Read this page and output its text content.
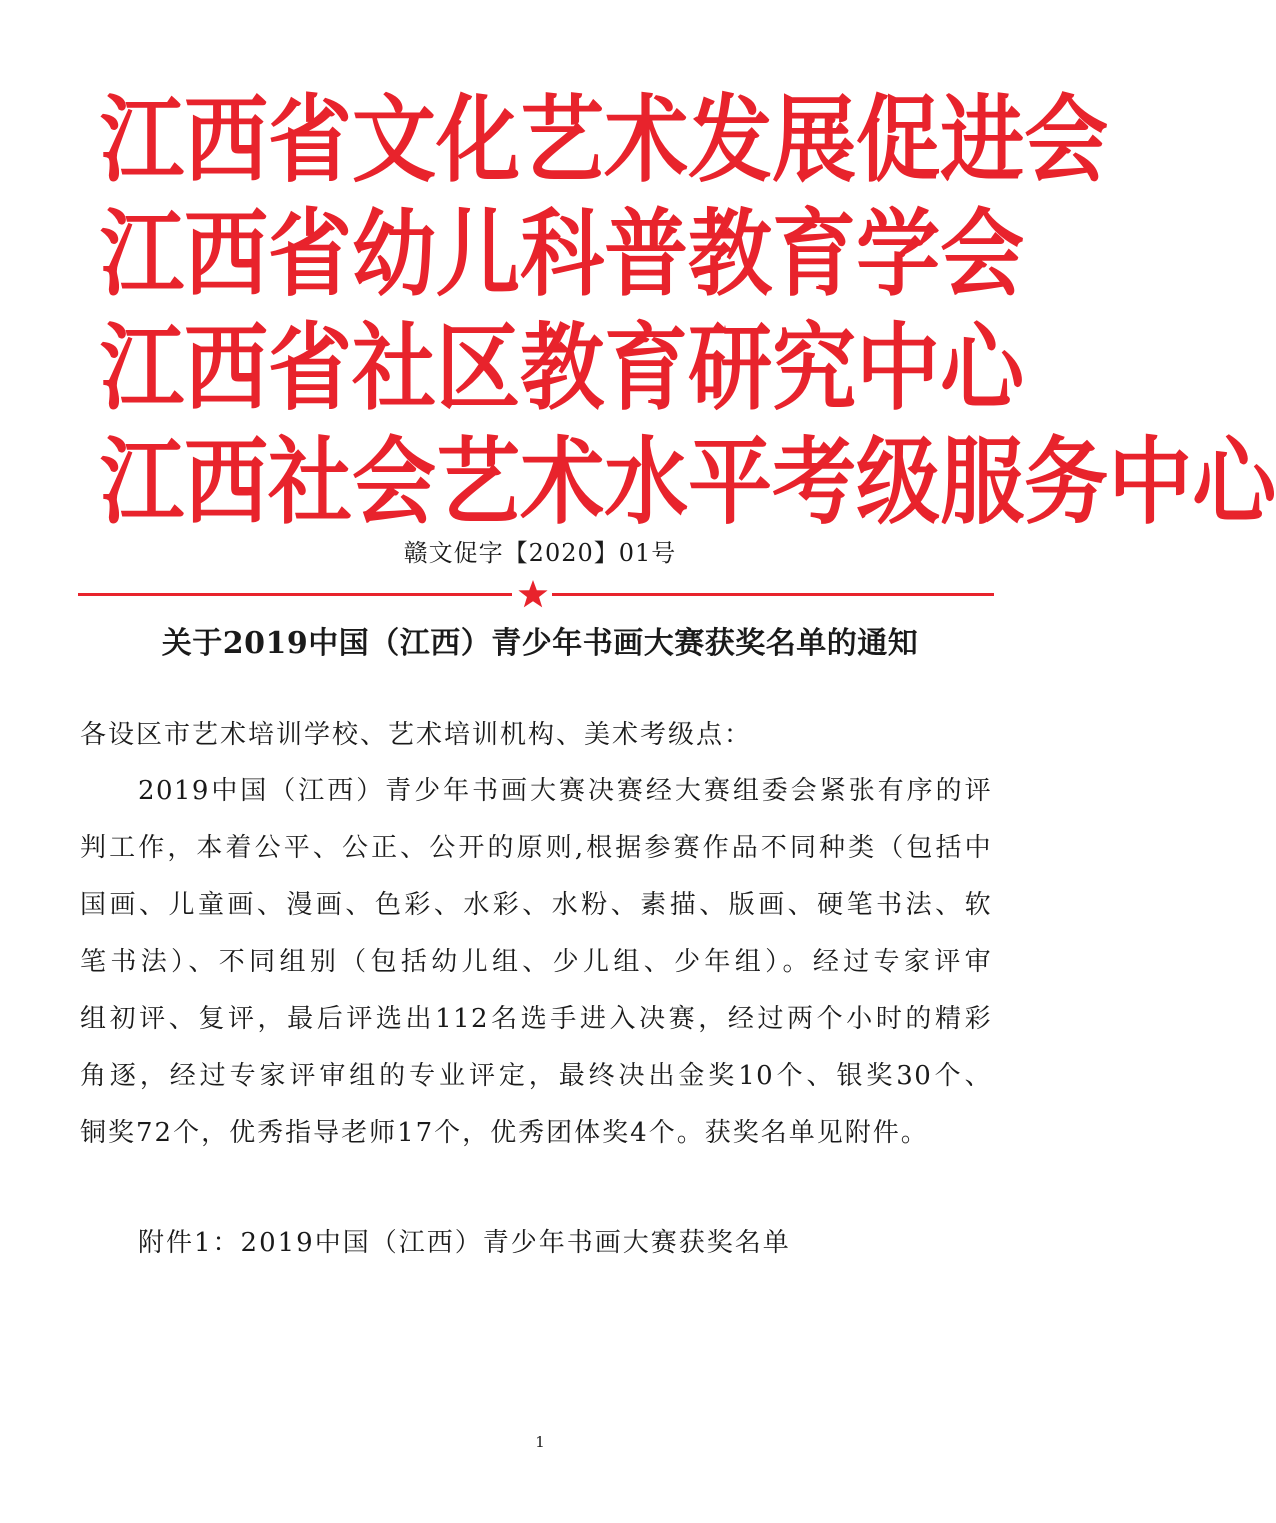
江 西 省 文 化 艺 术 发 展 促 进 会
江 西 省 幼 儿 科 普 教 育 学 会
江 西 省 社 区 教 育 研 究 中 心
江 西 社 会 艺 术 水 平 考 级 服 务 中 心
赣文促字【2020】01号
关于2019中国（江西）青少年书画大赛获奖名单的通知
各设区市艺术培训学校、艺术培训机构、美术考级点：
2019中国（江西）青少年书画大赛决赛经大赛组委会紧张有序的评
判工作，本着公平、公正、公开的原则,根据参赛作品不同种类（包括中
国画、儿童画、漫画、色彩、水彩、水粉、素描、版画、硬笔书法、软
笔书法）、不同组别（包括幼儿组、少儿组、少年组）。经过专家评审
组初评、复评，最后评选出112名选手进入决赛，经过两个小时的精彩
角逐，经过专家评审组的专业评定，最终决出金奖10个、银奖30个、
铜奖72个，优秀指导老师17个，优秀团体奖4个。获奖名单见附件。
附件1：2019中国（江西）青少年书画大赛获奖名单
1
